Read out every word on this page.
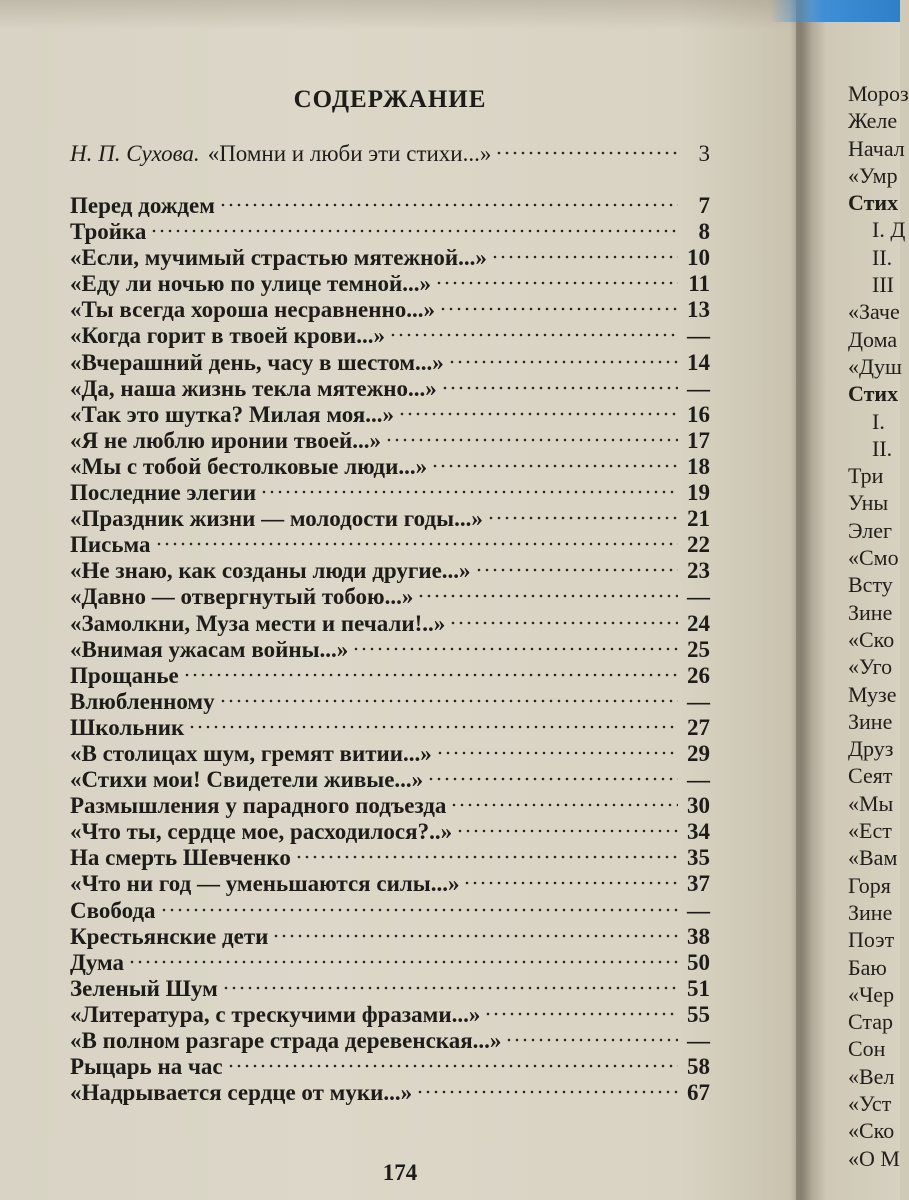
СОДЕРЖАНИЕ
Н. П. Сухова. «Помни и люби эти стихи...»	3
Перед дождем	7
Тройка	8
«Если, мучимый страстью мятежной...»	10
«Еду ли ночью по улице темной...»	11
«Ты всегда хороша несравненно...»	13
«Когда горит в твоей крови...»	—
«Вчерашний день, часу в шестом...»	14
«Да, наша жизнь текла мятежно...»	—
«Так это шутка? Милая моя...»	16
«Я не люблю иронии твоей...»	17
«Мы с тобой бестолковые люди...»	18
Последние элегии	19
«Праздник жизни — молодости годы...»	21
Письма	22
«Не знаю, как созданы люди другие...»	23
«Давно — отвергнутый тобою...»	—
«Замолкни, Муза мести и печали!..»	24
«Внимая ужасам войны...»	25
Прощанье	26
Влюбленному	—
Школьник	27
«В столицах шум, гремят витии...»	29
«Стихи мои! Свидетели живые...»	—
Размышления у парадного подъезда	30
«Что ты, сердце мое, расходилося?..»	34
На смерть Шевченко	35
«Что ни год — уменьшаются силы...»	37
Свобода	—
Крестьянские дети	38
Дума	50
Зеленый Шум	51
«Литература, с трескучими фразами...»	55
«В полном разгаре страда деревенская...»	—
Рыцарь на час	58
«Надрывается сердце от муки...»	67
174
Мороз
Желе
Начал
«Умр
Стих
I. Д
II.
III
«Заче
Дома
«Душ
Стих
I.
II.
Три
Уны
Элег
«Смо
Всту
Зине
«Ско
«Уго
Музе
Зине
Друз
Сеят
«Мы
«Ест
«Вам
Горя
Зине
Поэт
Баю
«Чер
Стар
Сон
«Вел
«Уст
«Ско
«О М
